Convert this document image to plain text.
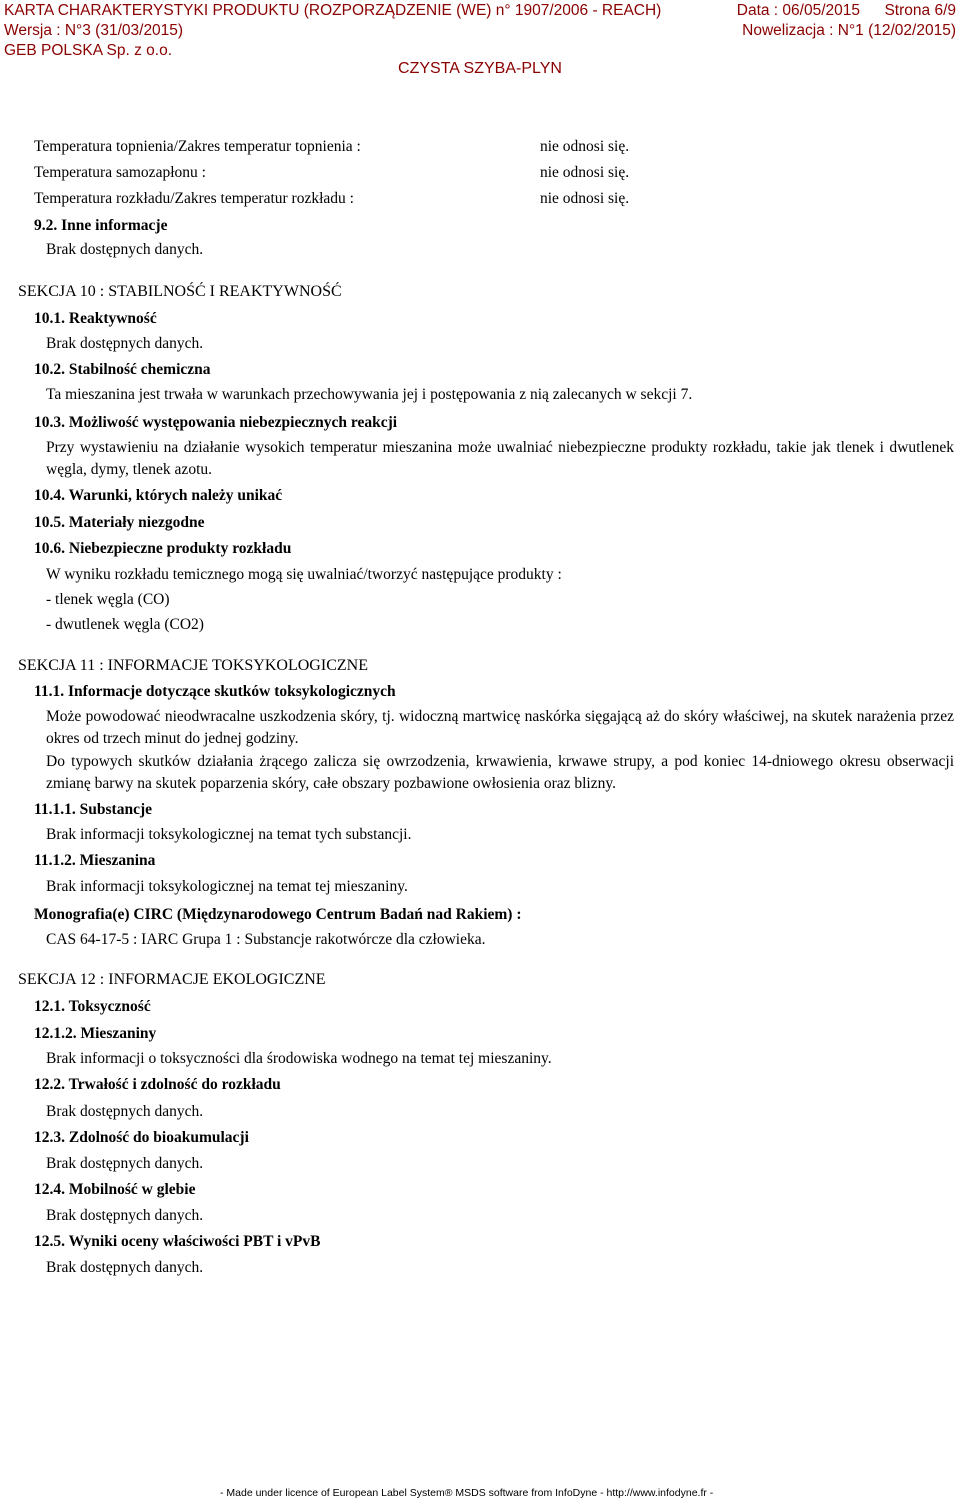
KARTA CHARAKTERYSTYKI PRODUKTU (ROZPORZĄDZENIE (WE) n° 1907/2006 - REACH)	Data : 06/05/2015 Strona 6/9
Wersja : N°3 (31/03/2015)	Nowelizacja : N°1 (12/02/2015)
GEB POLSKA Sp. z o.o.
CZYSTA SZYBA-PLYN
Temperatura topnienia/Zakres temperatur topnienia :	nie odnosi się.
Temperatura samozapłonu :	nie odnosi się.
Temperatura rozkładu/Zakres temperatur rozkładu :	nie odnosi się.
9.2. Inne informacje
Brak dostępnych danych.
SEKCJA 10 : STABILNOŚĆ I REAKTYWNOŚĆ
10.1. Reaktywność
Brak dostępnych danych.
10.2. Stabilność chemiczna
Ta mieszanina jest trwała w warunkach przechowywania jej i postępowania z nią zalecanych w sekcji 7.
10.3. Możliwość występowania niebezpiecznych reakcji
Przy wystawieniu na działanie wysokich temperatur mieszanina może uwalniać niebezpieczne produkty rozkładu, takie jak tlenek i dwutlenek węgla, dymy, tlenek azotu.
10.4. Warunki, których należy unikać
10.5. Materiały niezgodne
10.6. Niebezpieczne produkty rozkładu
W wyniku rozkładu temicznego mogą się uwalniać/tworzyć następujące produkty :
- tlenek węgla (CO)
- dwutlenek węgla (CO2)
SEKCJA 11 : INFORMACJE TOKSYKOLOGICZNE
11.1. Informacje dotyczące skutków toksykologicznych
Może powodować nieodwracalne uszkodzenia skóry, tj. widoczną martwicę naskórka sięgającą aż do skóry właściwej, na skutek narażenia przez okres od trzech minut do jednej godziny.
Do typowych skutków działania żrącego zalicza się owrzodzenia, krwawienia, krwawe strupy, a pod koniec 14-dniowego okresu obserwacji zmianę barwy na skutek poparzenia skóry, całe obszary pozbawione owłosienia oraz blizny.
11.1.1. Substancje
Brak informacji toksykologicznej na temat tych substancji.
11.1.2. Mieszanina
Brak informacji toksykologicznej na temat tej mieszaniny.
Monografia(e) CIRC (Międzynarodowego Centrum Badań nad Rakiem) :
CAS 64-17-5 : IARC Grupa 1 : Substancje rakotwórcze dla człowieka.
SEKCJA 12 : INFORMACJE EKOLOGICZNE
12.1. Toksyczność
12.1.2. Mieszaniny
Brak informacji o toksyczności dla środowiska wodnego na temat tej mieszaniny.
12.2. Trwałość i zdolność do rozkładu
Brak dostępnych danych.
12.3. Zdolność do bioakumulacji
Brak dostępnych danych.
12.4. Mobilność w glebie
Brak dostępnych danych.
12.5. Wyniki oceny właściwości PBT i vPvB
Brak dostępnych danych.
- Made under licence of European Label System® MSDS software from InfoDyne - http://www.infodyne.fr -
